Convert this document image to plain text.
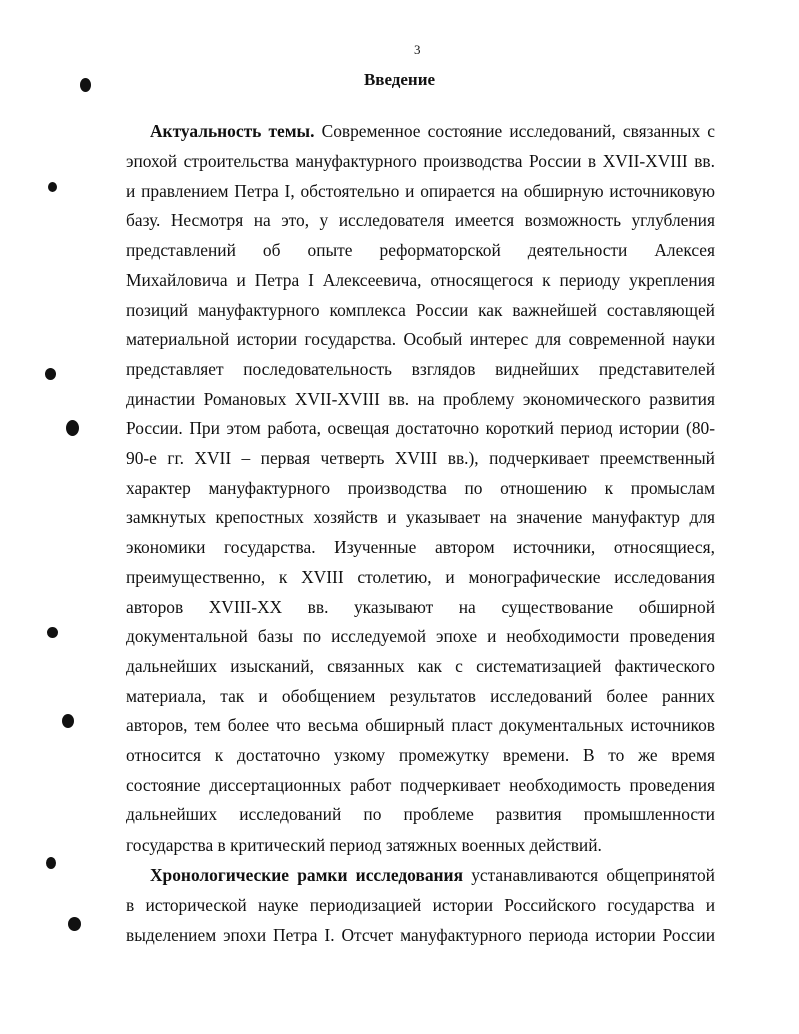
3
Введение
Актуальность темы. Современное состояние исследований, связанных с
эпохой строительства мануфактурного производства России в XVII-XVIII вв.
и правлением Петра I, обстоятельно и опирается на обширную источниковую
базу. Несмотря на это, у исследователя имеется возможность углубления
представлений об опыте реформаторской деятельности Алексея
Михайловича и Петра I Алексеевича, относящегося к периоду укрепления
позиций мануфактурного комплекса России как важнейшей составляющей
материальной истории государства. Особый интерес для современной науки
представляет последовательность взглядов виднейших представителей
династии Романовых XVII-XVIII вв. на проблему экономического развития
России. При этом работа, освещая достаточно короткий период истории (80-
90-е гг. XVII – первая четверть XVIII вв.), подчеркивает преемственный
характер мануфактурного производства по отношению к промыслам
замкнутых крепостных хозяйств и указывает на значение мануфактур для
экономики государства. Изученные автором источники, относящиеся,
преимущественно, к XVIII столетию, и монографические исследования
авторов XVIII-XX вв. указывают на существование обширной
документальной базы по исследуемой эпохе и необходимости проведения
дальнейших изысканий, связанных как с систематизацией фактического
материала, так и обобщением результатов исследований более ранних
авторов, тем более что весьма обширный пласт документальных источников
относится к достаточно узкому промежутку времени. В то же время
состояние диссертационных работ подчеркивает необходимость проведения
дальнейших исследований по проблеме развития промышленности
государства в критический период затяжных военных действий.
Хронологические рамки исследования устанавливаются общепринятой
в исторической науке периодизацией истории Российского государства и
выделением эпохи Петра I. Отсчет мануфактурного периода истории России
